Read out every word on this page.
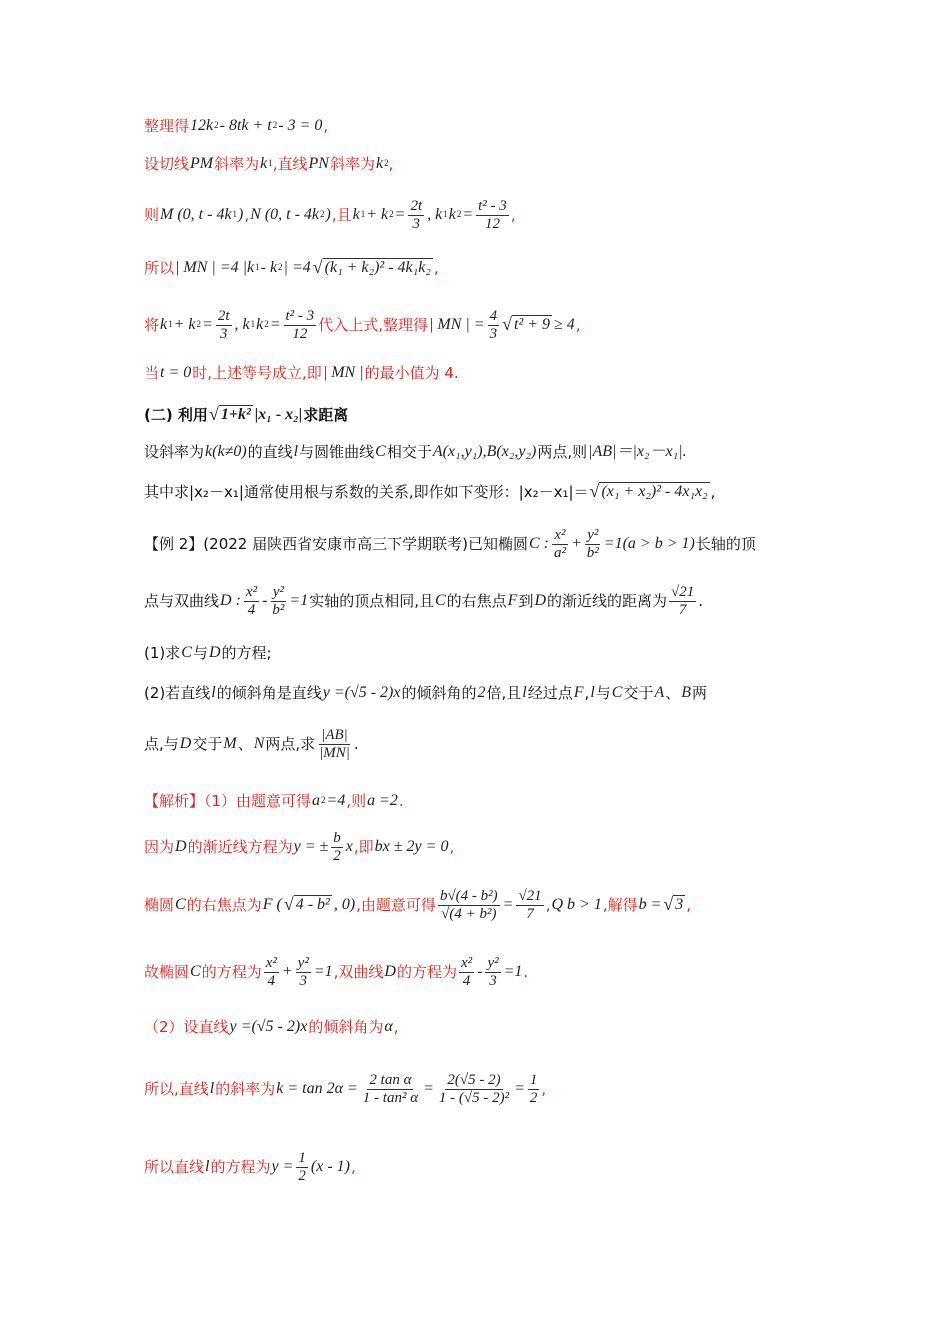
整理得 12k 2 - 8tk + t 2 - 3 = 0 ,
设切线 PM 斜率为 k 1 ,直线 PN 斜率为 k 2 ,
则 M (0, t - 4k 1 ) , N (0, t - 4k 2 ) ,且 k 1 + k $2 = \frac{2t}{3}$ , k 1 k $2 = \frac{\text{t² - 3}}{12}$ ,
所以 | MN | =4 |k 1 - k 2 | =4 √ (k₁ + k₂)² - 4k₁k₂ ,
将 k 1 + k $2 = \frac{2t}{3}$ , k 1 k $2 = \frac{\text{t² - 3}}{12}$ 代入上式,整理得 | MN | = $\frac{4}{3}$ √ t² + 9 ≥ 4 ,
当 t = 0 时,上述等号成立,即 | MN | 的最小值为 4.
(二) 利用 √ 1+k² |x₁ - x₂| 求距离
设斜率为 k(k≠0) 的直线 l 与圆锥曲线 C 相交于 A(x₁,y₁),B(x₂,y₂) 两点,则 |AB|＝|x₂－x₁|.
其中求|x₂－x₁|通常使用根与系数的关系,即作如下变形：|x₂－x₁|＝ √ (x₁ + x₂)² - 4x₁x₂ ,
【例 2】(2022 届陕西省安康市高三下学期联考)已知椭圆 C : $\frac{\text{x²}}{\text{a²}} + \frac{\text{y²}}{\text{b²}} =1(a > b > 1)$ 长轴的顶
点与双曲线 D : $\frac{\text{x²}}{4} - \frac{\text{y²}}{\text{b²}} =1$ 实轴的顶点相同,且 C 的右焦点 F 到 D 的渐近线的距离为 $\frac{√21}{7}$ .
(1)求 C 与 D 的方程;
(2)若直线 l 的倾斜角是直线 y =(√5 - 2)x 的倾斜角的 2 倍,且 l 经过点 F , l 与 C 交于 A 、 B 两
点,与 D 交于 M 、 N 两点,求 $\frac{|AB|}{|MN|}$ .
【解析】（1）由题意可得 a 2 =4 ,则 a =2 .
因为 D 的渐近线方程为 y = ± $\frac{b}{2}$ x ,即 bx ± 2y = 0 ,
椭圆 C 的右焦点为 F ( √ 4 - b² , 0) ,由题意可得 $\frac{\text{b√(4 - b²)}}{\text{√(4 + b²)}} = \frac{√21}{7}$ , Q b > 1 ,解得 b = √ 3 ,
故椭圆 C 的方程为 $\frac{\text{x²}}{4} + \frac{\text{y²}}{3} =1$ ,双曲线 D 的方程为 $\frac{\text{x²}}{4} - \frac{\text{y²}}{3} =1$ .
（2）设直线 y =(√5 - 2)x 的倾斜角为 α ,
所以,直线 l 的斜率为 $k = \tan 2\alpha = \frac{\text{2 tan α}}{\text{1 - tan² α}} = \frac{2(√5 - 2)}{\text{1 - (√5 - 2)²}} = \frac{1}{2}$ ,
所以直线 l 的方程为 $y = \frac{1}{2} (x - 1)$ ,
